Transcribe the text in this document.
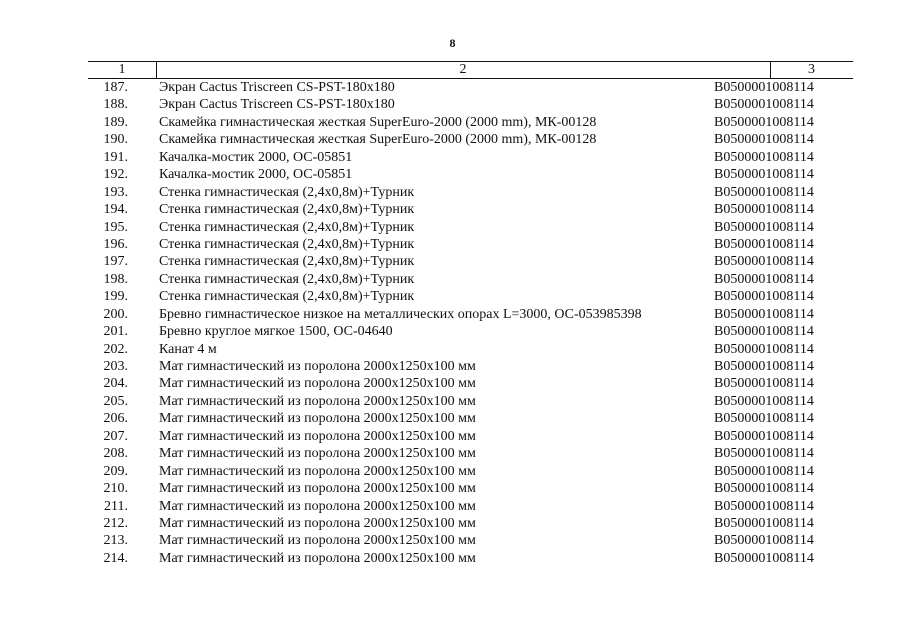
8
1	2	3
187. Экран Cactus Triscreen CS-PST-180x180	B0500001008114
188. Экран Cactus Triscreen CS-PST-180x180	B0500001008114
189. Скамейка гимнастическая жесткая SuperEuro-2000 (2000 mm), МК-00128	B0500001008114
190. Скамейка гимнастическая жесткая SuperEuro-2000 (2000 mm), МК-00128	B0500001008114
191. Качалка-мостик 2000, ОС-05851	B0500001008114
192. Качалка-мостик 2000, ОС-05851	B0500001008114
193. Стенка гимнастическая (2,4x0,8м)+Турник	B0500001008114
194. Стенка гимнастическая (2,4x0,8м)+Турник	B0500001008114
195. Стенка гимнастическая (2,4x0,8м)+Турник	B0500001008114
196. Стенка гимнастическая (2,4x0,8м)+Турник	B0500001008114
197. Стенка гимнастическая (2,4x0,8м)+Турник	B0500001008114
198. Стенка гимнастическая (2,4x0,8м)+Турник	B0500001008114
199. Стенка гимнастическая (2,4x0,8м)+Турник	B0500001008114
200. Бревно гимнастическое низкое на металлических опорах L=3000, ОС-053985398	B0500001008114
201. Бревно круглое мягкое 1500, ОС-04640	B0500001008114
202. Канат 4 м	B0500001008114
203. Мат гимнастический из поролона 2000x1250x100 мм	B0500001008114
204. Мат гимнастический из поролона 2000x1250x100 мм	B0500001008114
205. Мат гимнастический из поролона 2000x1250x100 мм	B0500001008114
206. Мат гимнастический из поролона 2000x1250x100 мм	B0500001008114
207. Мат гимнастический из поролона 2000x1250x100 мм	B0500001008114
208. Мат гимнастический из поролона 2000x1250x100 мм	B0500001008114
209. Мат гимнастический из поролона 2000x1250x100 мм	B0500001008114
210. Мат гимнастический из поролона 2000x1250x100 мм	B0500001008114
211. Мат гимнастический из поролона 2000x1250x100 мм	B0500001008114
212. Мат гимнастический из поролона 2000x1250x100 мм	B0500001008114
213. Мат гимнастический из поролона 2000x1250x100 мм	B0500001008114
214. Мат гимнастический из поролона 2000x1250x100 мм	B0500001008114
